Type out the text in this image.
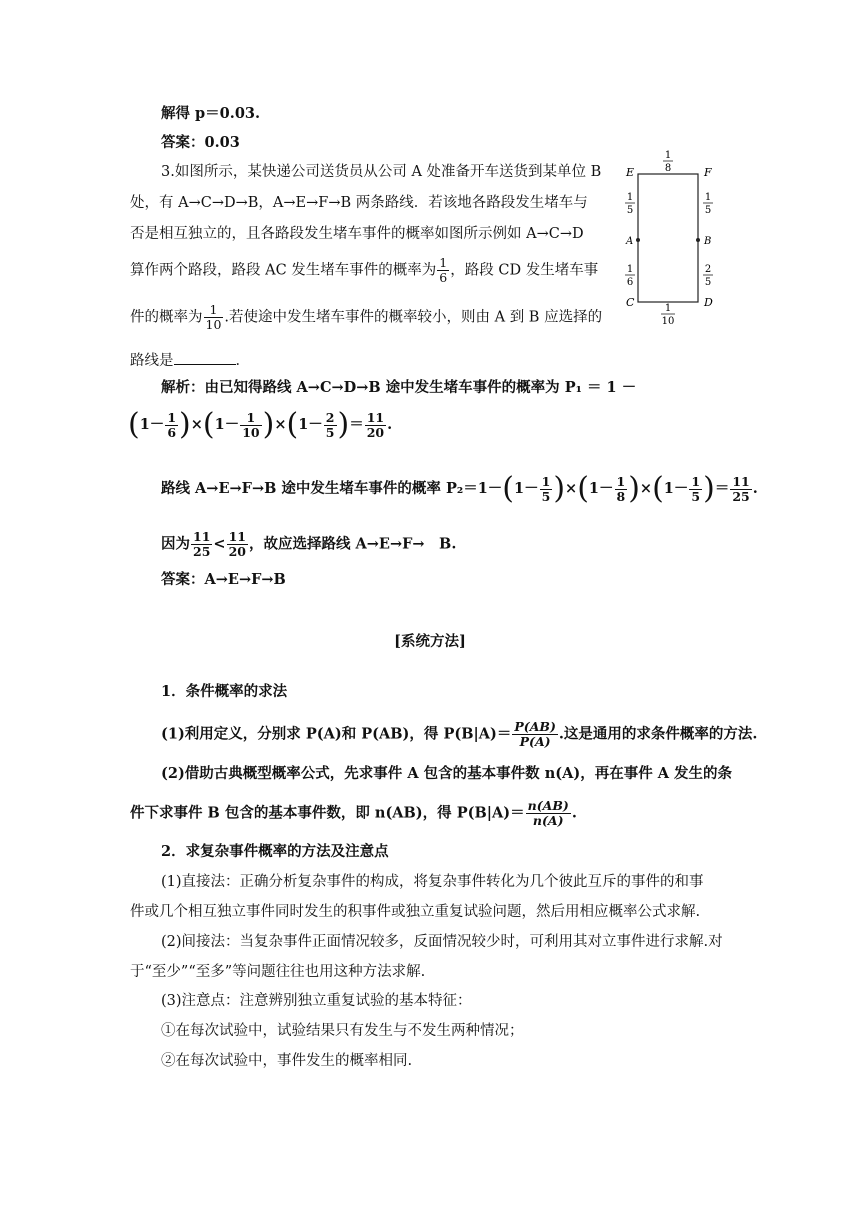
解得 p＝0.03.
答案：0.03
3.如图所示，某快递公司送货员从公司 A 处准备开车送货到某单位 B
处，有 A→C→D→B，A→E→F→B 两条路线．若该地各路段发生堵车与
否是相互独立的，且各路段发生堵车事件的概率如图所示例如 A→C→D
算作两个路段，路段 AC 发生堵车事件的概率为 $\frac{1}{6}$ ，路段 CD 发生堵车事
件的概率为 $\frac{1}{10}$ .若使途中发生堵车事件的概率较小，则由 A 到 B 应选择的
路线是	．
E	F
A	B
C	D
1
8
1
5
1
5
1
6
2
5
1
10
解析：由已知得路线 A→C→D→B 途中发生堵车事件的概率为 P₁ ＝ 1 －
$(1- \frac{1}{6} )\times(1- \frac{1}{10} )\times(1- \frac{2}{5}$ )＝ $\frac{11}{20}$ .
路线 A→E→F→B 途中发生堵车事件的概率 $P_2=1-(1- \frac{1}{5} )\times(1- \frac{1}{8} )\times(1- \frac{1}{5}$ )＝ $\frac{11}{25}$ .
因为 $\frac{11}{25} < \frac{11}{20}$ ，故应选择路线 A→E→F→　B.
答案：A→E→F→B
[系统方法]
1．条件概率的求法
(1)利用定义，分别求 P(A)和 P(AB)，得 $P(B|A)= \frac{P(AB)}{P(A)}$ .这是通用的求条件概率的方法.
(2)借助古典概型概率公式，先求事件 A 包含的基本事件数 n(A)，再在事件 A 发生的条
件下求事件 B 包含的基本事件数，即 n(AB)，得 $P(B|A)= \frac{n(AB)}{n(A)}$ .
2．求复杂事件概率的方法及注意点
(1)直接法：正确分析复杂事件的构成，将复杂事件转化为几个彼此互斥的事件的和事
件或几个相互独立事件同时发生的积事件或独立重复试验问题，然后用相应概率公式求解.
(2)间接法：当复杂事件正面情况较多，反面情况较少时，可利用其对立事件进行求解.对
于“至少”“至多”等问题往往也用这种方法求解.
(3)注意点：注意辨别独立重复试验的基本特征：
①在每次试验中，试验结果只有发生与不发生两种情况；
②在每次试验中，事件发生的概率相同.
